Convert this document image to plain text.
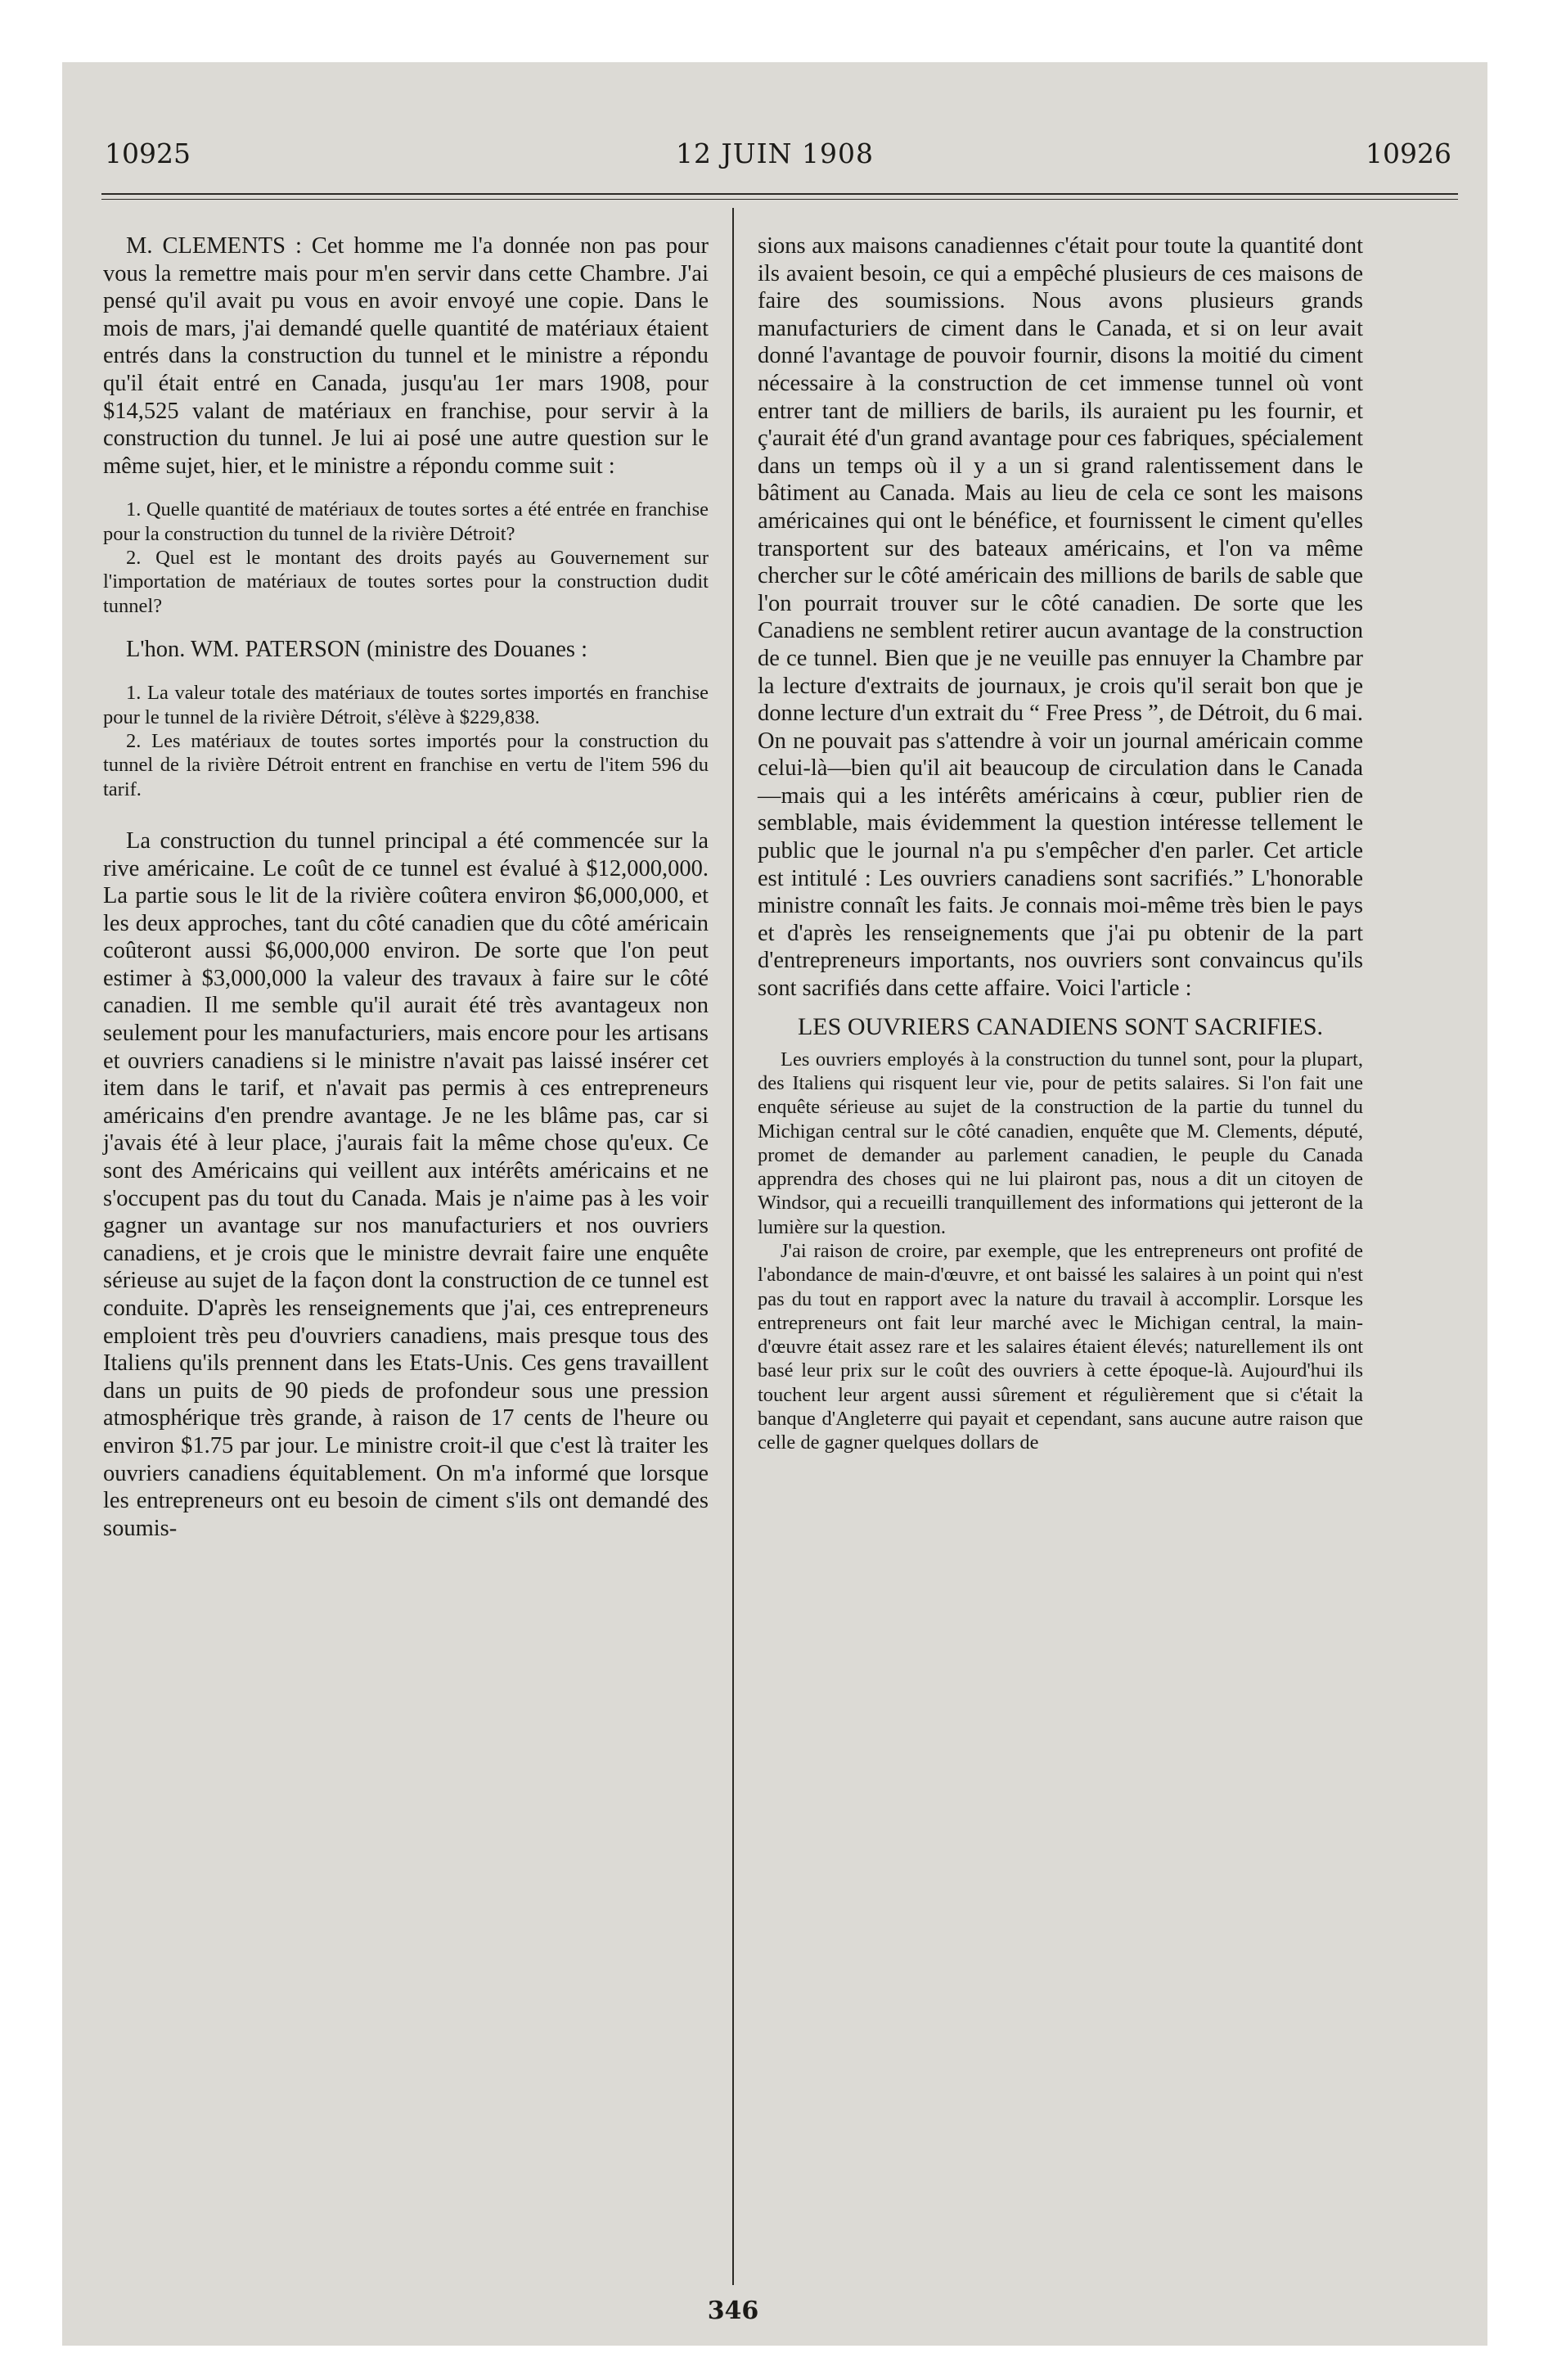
10925	12 JUIN 1908	10926

M. CLEMENTS : Cet homme me l'a donnée non pas pour vous la remettre mais pour m'en servir dans cette Chambre. J'ai pensé qu'il avait pu vous en avoir envoyé une copie. Dans le mois de mars, j'ai demandé quelle quantité de matériaux étaient entrés dans la construction du tunnel et le ministre a répondu qu'il était entré en Canada, jusqu'au 1er mars 1908, pour $14,525 valant de matériaux en franchise, pour servir à la construction du tunnel. Je lui ai posé une autre question sur le même sujet, hier, et le ministre a répondu comme suit :

1. Quelle quantité de matériaux de toutes sortes a été entrée en franchise pour la construction du tunnel de la rivière Détroit?

2. Quel est le montant des droits payés au Gouvernement sur l'importation de matériaux de toutes sortes pour la construction dudit tunnel?

L'hon. WM. PATERSON (ministre des Douanes :

1. La valeur totale des matériaux de toutes sortes importés en franchise pour le tunnel de la rivière Détroit, s'élève à $229,838.

2. Les matériaux de toutes sortes importés pour la construction du tunnel de la rivière Détroit entrent en franchise en vertu de l'item 596 du tarif.

La construction du tunnel principal a été commencée sur la rive américaine. Le coût de ce tunnel est évalué à $12,000,000. La partie sous le lit de la rivière coûtera environ $6,000,000, et les deux approches, tant du côté canadien que du côté américain coûteront aussi $6,000,000 environ. De sorte que l'on peut estimer à $3,000,000 la valeur des travaux à faire sur le côté canadien. Il me semble qu'il aurait été très avantageux non seulement pour les manufacturiers, mais encore pour les artisans et ouvriers canadiens si le ministre n'avait pas laissé insérer cet item dans le tarif, et n'avait pas permis à ces entrepreneurs américains d'en prendre avantage. Je ne les blâme pas, car si j'avais été à leur place, j'aurais fait la même chose qu'eux. Ce sont des Américains qui veillent aux intérêts américains et ne s'occupent pas du tout du Canada. Mais je n'aime pas à les voir gagner un avantage sur nos manufacturiers et nos ouvriers canadiens, et je crois que le ministre devrait faire une enquête sérieuse au sujet de la façon dont la construction de ce tunnel est conduite. D'après les renseignements que j'ai, ces entrepreneurs emploient très peu d'ouvriers canadiens, mais presque tous des Italiens qu'ils prennent dans les Etats-Unis. Ces gens travaillent dans un puits de 90 pieds de profondeur sous une pression atmosphérique très grande, à raison de 17 cents de l'heure ou environ $1.75 par jour. Le ministre croit-il que c'est là traiter les ouvriers canadiens équitablement. On m'a informé que lorsque les entrepreneurs ont eu besoin de ciment s'ils ont demandé des soumis-

sions aux maisons canadiennes c'était pour toute la quantité dont ils avaient besoin, ce qui a empêché plusieurs de ces maisons de faire des soumissions. Nous avons plusieurs grands manufacturiers de ciment dans le Canada, et si on leur avait donné l'avantage de pouvoir fournir, disons la moitié du ciment nécessaire à la construction de cet immense tunnel où vont entrer tant de milliers de barils, ils auraient pu les fournir, et ç'aurait été d'un grand avantage pour ces fabriques, spécialement dans un temps où il y a un si grand ralentissement dans le bâtiment au Canada. Mais au lieu de cela ce sont les maisons américaines qui ont le bénéfice, et fournissent le ciment qu'elles transportent sur des bateaux américains, et l'on va même chercher sur le côté américain des millions de barils de sable que l'on pourrait trouver sur le côté canadien. De sorte que les Canadiens ne semblent retirer aucun avantage de la construction de ce tunnel. Bien que je ne veuille pas ennuyer la Chambre par la lecture d'extraits de journaux, je crois qu'il serait bon que je donne lecture d'un extrait du “ Free Press ”, de Détroit, du 6 mai. On ne pouvait pas s'attendre à voir un journal américain comme celui-là—bien qu'il ait beaucoup de circulation dans le Canada—mais qui a les intérêts américains à cœur, publier rien de semblable, mais évidemment la question intéresse tellement le public que le journal n'a pu s'empêcher d'en parler. Cet article est intitulé : Les ouvriers canadiens sont sacrifiés.” L'honorable ministre connaît les faits. Je connais moi-même très bien le pays et d'après les renseignements que j'ai pu obtenir de la part d'entrepreneurs importants, nos ouvriers sont convaincus qu'ils sont sacrifiés dans cette affaire. Voici l'article :

LES OUVRIERS CANADIENS SONT SACRIFIES.

Les ouvriers employés à la construction du tunnel sont, pour la plupart, des Italiens qui risquent leur vie, pour de petits salaires. Si l'on fait une enquête sérieuse au sujet de la construction de la partie du tunnel du Michigan central sur le côté canadien, enquête que M. Clements, député, promet de demander au parlement canadien, le peuple du Canada apprendra des choses qui ne lui plairont pas, nous a dit un citoyen de Windsor, qui a recueilli tranquillement des informations qui jetteront de la lumière sur la question.

J'ai raison de croire, par exemple, que les entrepreneurs ont profité de l'abondance de main-d'œuvre, et ont baissé les salaires à un point qui n'est pas du tout en rapport avec la nature du travail à accomplir. Lorsque les entrepreneurs ont fait leur marché avec le Michigan central, la main-d'œuvre était assez rare et les salaires étaient élevés; naturellement ils ont basé leur prix sur le coût des ouvriers à cette époque-là. Aujourd'hui ils touchent leur argent aussi sûrement et régulièrement que si c'était la banque d'Angleterre qui payait et cependant, sans aucune autre raison que celle de gagner quelques dollars de

346
